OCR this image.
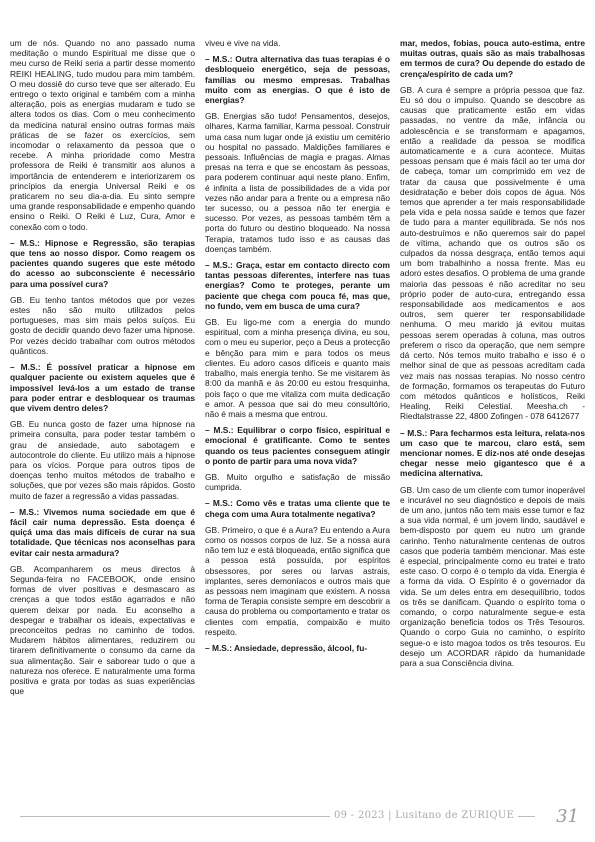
um de nós. Quando no ano passado numa meditação o mundo Espiritual me disse que o meu curso de Reiki seria a partir desse momento REIKI HEALING, tudo mudou para mim também. O meu dossiê do curso teve que ser alterado. Eu entrego o texto original e também com a minha alteração, pois as energias mudaram e tudo se altera todos os dias. Com o meu conhecimento da medicina natural ensino outras formas mais práticas de se fazer os exercícios, sem incomodar o relaxamento da pessoa que o recebe. A minha prioridade como Mestra professora de Reiki é transmitir aos alunos a importância de entenderem e interiorizarem os princípios da energia Universal Reiki e os praticarem no seu dia-a-dia. Eu sinto sempre uma grande responsabilidade e empenho quando ensino o Reiki. O Reiki é Luz, Cura, Amor e conexão com o todo.

– M.S.: Hipnose e Regressão, são terapias que tens ao nosso dispor. Como reagem os pacientes quando sugeres que este método do acesso ao subconsciente é necessário para uma possível cura?

GB. Eu tenho tantos métodos que por vezes estes não são muito utilizados pelos portugueses, mas sim mais pelos suíços. Eu gosto de decidir quando devo fazer uma hipnose. Por vezes decido trabalhar com outros métodos quânticos.

– M.S.: É possível praticar a hipnose em qualquer paciente ou existem aqueles que é impossível levá-los a um estado de transe para poder entrar e desbloquear os traumas que vivem dentro deles?

GB. Eu nunca gosto de fazer uma hipnose na primeira consulta, para poder testar também o grau de ansiedade, auto sabotagem e autocontrole do cliente. Eu utilizo mais a hipnose para os vícios. Porque para outros tipos de doenças tenho muitos métodos de trabalho e soluções, que por vezes são mais rápidos. Gosto muito de fazer a regressão a vidas passadas.

– M.S.: Vivemos numa sociedade em que é fácil cair numa depressão. Esta doença é quiçá uma das mais difíceis de curar na sua totalidade. Que técnicas nos aconselhas para evitar cair nesta armadura?

GB. Acompanharem os meus directos à Segunda-feira no FACEBOOK, onde ensino formas de viver positivas e desmascaro as crenças a que todos estão agarrados e não querem deixar por nada. Eu aconselho a despegar e trabalhar os ideais, expectativas e preconceitos pedras no caminho de todos. Mudarem hábitos alimentares, reduzirem ou tirarem definitivamente o consumo da carne da sua alimentação. Sair e saborear tudo o que a natureza nos oferece. E naturalmente uma forma positiva e grata por todas as suas experiências que

viveu e vive na vida.

– M.S.: Outra alternativa das tuas terapias é o desbloqueio energético, seja de pessoas, famílias ou mesmo empresas. Trabalhas muito com as energias. O que é isto de energias?

GB. Energias são tudo! Pensamentos, desejos, olhares, Karma familiar, Karma pessoal. Construir uma casa num lugar onde já existiu um cemitério ou hospital no passado. Maldições familiares e pessoais. Influências de magia e pragas. Almas presas na terra e que se encostam às pessoas, para poderem continuar aqui neste plano. Enfim, é infinita a lista de possibilidades de a vida por vezes não andar para a frente ou a empresa não ter sucesso, ou a pessoa não ter energia e sucesso. Por vezes, as pessoas também têm a porta do futuro ou destino bloqueado. Na nossa Terapia, tratamos tudo isso e as causas das doenças também.

– M.S.: Graça, estar em contacto directo com tantas pessoas diferentes, interfere nas tuas energias? Como te proteges, perante um paciente que chega com pouca fé, mas que, no fundo, vem em busca de uma cura?

GB. Eu ligo-me com a energia do mundo espiritual, com a minha presença divina, eu sou, com o meu eu superior, peço a Deus a protecção e bênção para mim e para todos os meus clientes. Eu adoro casos difíceis e quanto mais trabalho, mais energia tenho. Se me visitarem às 8:00 da manhã e às 20:00 eu estou fresquinha, pois faço o que me vitaliza com muita dedicação e amor. A pessoa que sai do meu consultório, não é mais a mesma que entrou.

– M.S.: Equilibrar o corpo físico, espiritual e emocional é gratificante. Como te sentes quando os teus pacientes conseguem atingir o ponto de partir para uma nova vida?

GB. Muito orgulho e satisfação de missão cumprida.

– M.S.: Como vês e tratas uma cliente que te chega com uma Aura totalmente negativa?

GB. Primeiro, o que é a Aura? Eu entendo a Aura como os nossos corpos de luz. Se a nossa aura não tem luz e está bloqueada, então significa que a pessoa está possuída, por espíritos obsessores, por seres ou larvas astrais, implantes, seres demoníacos e outros mais que as pessoas nem imaginam que existem. A nossa forma de Terapia consiste sempre em descobrir a causa do problema ou comportamento e tratar os clientes com empatia, compaixão e muito respeito.

– M.S.: Ansiedade, depressão, álcool, fu-

mar, medos, fobias, pouca auto-estima, entre muitas outras, quais são as mais trabalhosas em termos de cura? Ou depende do estado de crença/espírito de cada um?

GB. A cura é sempre a própria pessoa que faz. Eu só dou o impulso. Quando se descobre as causas que praticamente estão em vidas passadas, no ventre da mãe, infância ou adolescência e se transformam e apagamos, então a realidade da pessoa se modifica automaticamente e a cura acontece. Muitas pessoas pensam que é mais fácil ao ter uma dor de cabeça, tomar um comprimido em vez de tratar da causa que possivelmente é uma desidratação e beber dois copos de água. Nós temos que aprender a ter mais responsabilidade pela vida e pela nossa saúde e temos que fazer de tudo para a manter equilibrada. Se nós nos auto-destruímos e não queremos sair do papel de vítima, achando que os outros são os culpados da nossa desgraça, então temos aqui um bom trabalhinho a nossa frente. Mas eu adoro estes desafios. O problema de uma grande maioria das pessoas é não acreditar no seu próprio poder de auto-cura, entregando essa responsabilidade aos medicamentos e aos outros, sem querer ter responsabilidade nenhuma. O meu marido já evitou muitas pessoas serem operadas à coluna, mas outros preferem o risco da operação, que nem sempre dá certo. Nós temos muito trabalho e isso é o melhor sinal de que as pessoas acreditam cada vez mais nas nossas terapias. No nosso centro de formação, formamos os terapeutas do Futuro com métodos quânticos e holísticos, Reiki Healing, Reiki Celestial. Meesha.ch - Riedtalstrasse 22, 4800 Zofingen - 078 6412677

– M.S.: Para fecharmos esta leitura, relata-nos um caso que te marcou, claro está, sem mencionar nomes. E diz-nos até onde desejas chegar nesse meio gigantesco que é a medicina alternativa.

GB. Um caso de um cliente com tumor inoperável e incurável no seu diagnóstico e depois de mais de um ano, juntos não tem mais esse tumor e faz a sua vida normal, é um jovem lindo, saudável e bem-disposto por quem eu nutro um grande carinho. Tenho naturalmente centenas de outros casos que poderia também mencionar. Mas este é especial, principalmente como eu tratei e trato este caso. O corpo é o templo da vida. Energia é a forma da vida. O Espírito é o governador da vida. Se um deles entra em desequilíbrio, todos os três se danificam. Quando o espírito toma o comando, o corpo naturalmente segue-e esta organização beneficia todos os Três Tesouros. Quando o corpo Guia no caminho, o espírito segue-o e isto magoa todos os três tesouros. Eu desejo um ACORDAR rápido da humanidade para a sua Consciência divina.

09 - 2023 | Lusitano de ZURIQUE 31
